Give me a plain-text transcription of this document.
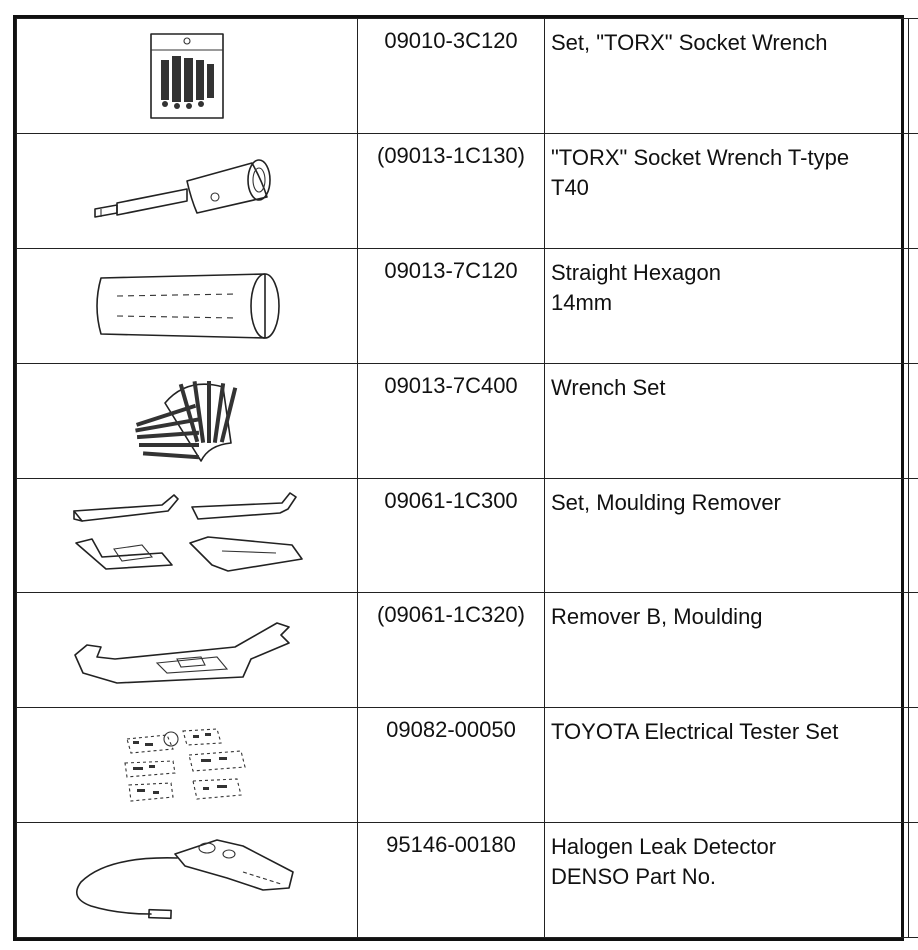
	09010-3C120	Set, "TORX" Socket Wrench	

	(09013-1C130)	"TORX" Socket Wrench T-type
T40	

	09013-7C120	Straight Hexagon
14mm	

	09013-7C400	Wrench Set	

	09061-1C300	Set, Moulding Remover	

	(09061-1C320)	Remover B, Moulding	

	09082-00050	TOYOTA Electrical Tester Set	

	95146-00180	Halogen Leak Detector
DENSO Part No.	
